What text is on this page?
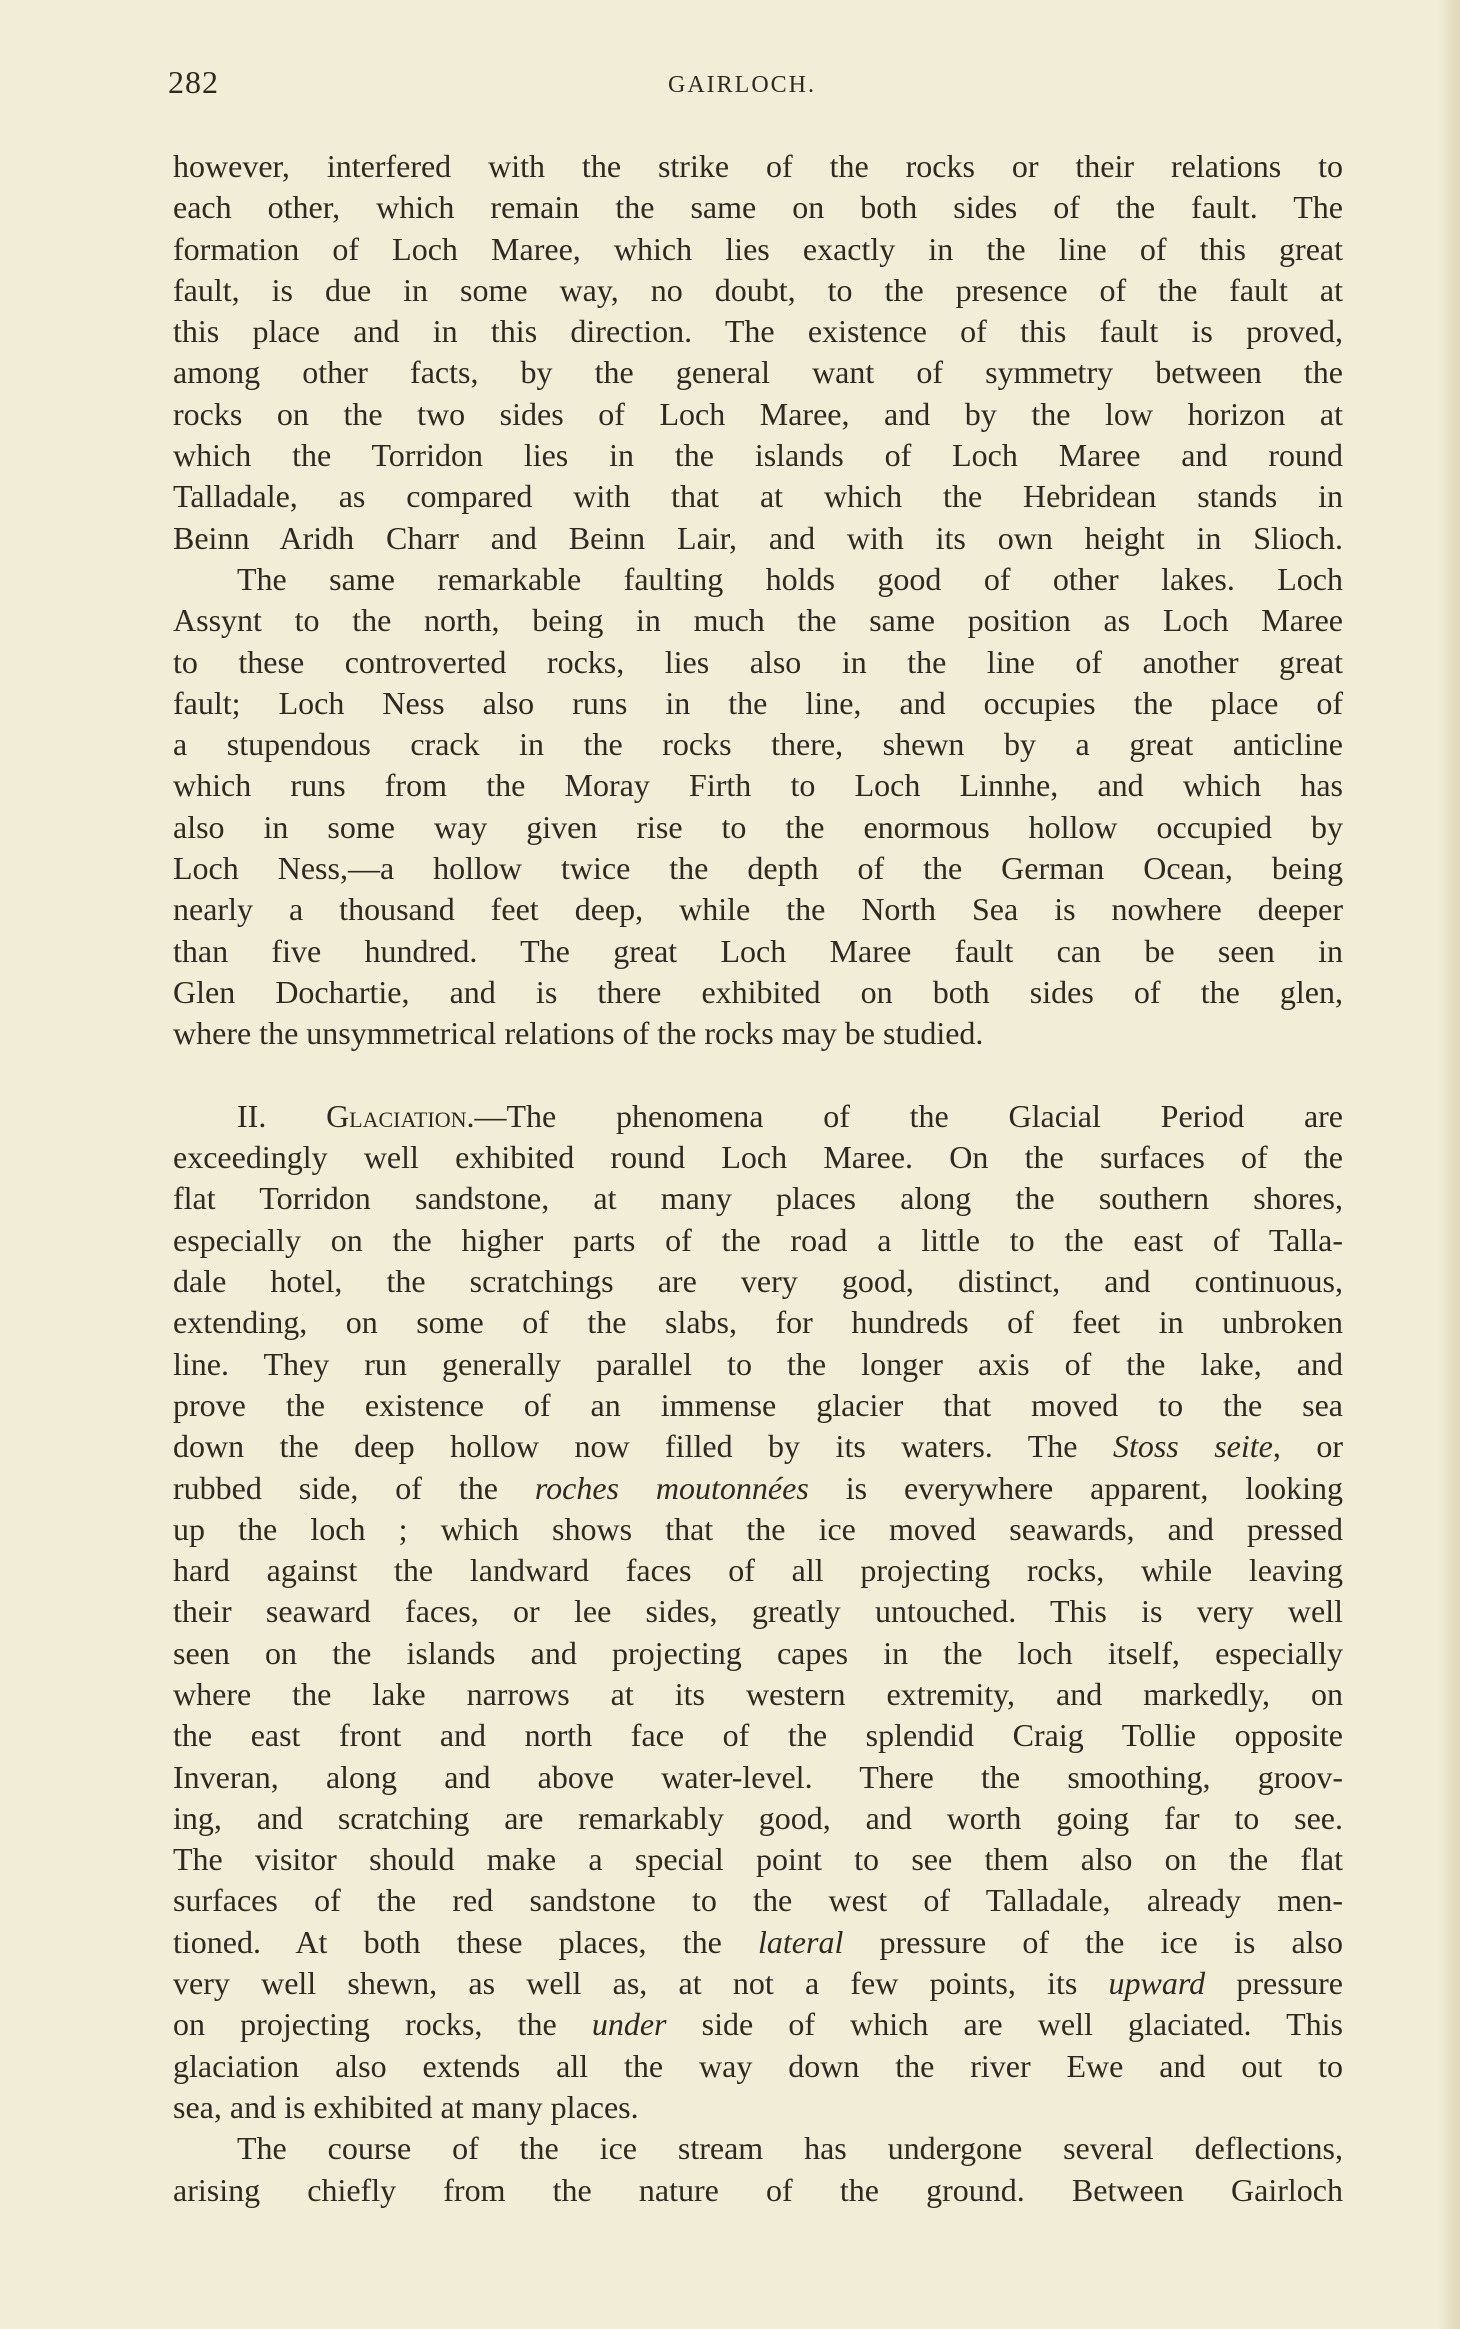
282	GAIRLOCH.
however, interfered with the strike of the rocks or their relations to
each other, which remain the same on both sides of the fault. The
formation of Loch Maree, which lies exactly in the line of this great
fault, is due in some way, no doubt, to the presence of the fault at
this place and in this direction. The existence of this fault is proved,
among other facts, by the general want of symmetry between the
rocks on the two sides of Loch Maree, and by the low horizon at
which the Torridon lies in the islands of Loch Maree and round
Talladale, as compared with that at which the Hebridean stands in
Beinn Aridh Charr and Beinn Lair, and with its own height in Slioch.
The same remarkable faulting holds good of other lakes. Loch
Assynt to the north, being in much the same position as Loch Maree
to these controverted rocks, lies also in the line of another great
fault; Loch Ness also runs in the line, and occupies the place of
a stupendous crack in the rocks there, shewn by a great anticline
which runs from the Moray Firth to Loch Linnhe, and which has
also in some way given rise to the enormous hollow occupied by
Loch Ness,—a hollow twice the depth of the German Ocean, being
nearly a thousand feet deep, while the North Sea is nowhere deeper
than five hundred. The great Loch Maree fault can be seen in
Glen Dochartie, and is there exhibited on both sides of the glen,
where the unsymmetrical relations of the rocks may be studied.
II. Glaciation.—The phenomena of the Glacial Period are
exceedingly well exhibited round Loch Maree. On the surfaces of the
flat Torridon sandstone, at many places along the southern shores,
especially on the higher parts of the road a little to the east of Talla-
dale hotel, the scratchings are very good, distinct, and continuous,
extending, on some of the slabs, for hundreds of feet in unbroken
line. They run generally parallel to the longer axis of the lake, and
prove the existence of an immense glacier that moved to the sea
down the deep hollow now filled by its waters. The Stoss seite, or
rubbed side, of the roches moutonnées is everywhere apparent, looking
up the loch ; which shows that the ice moved seawards, and pressed
hard against the landward faces of all projecting rocks, while leaving
their seaward faces, or lee sides, greatly untouched. This is very well
seen on the islands and projecting capes in the loch itself, especially
where the lake narrows at its western extremity, and markedly, on
the east front and north face of the splendid Craig Tollie opposite
Inveran, along and above water-level. There the smoothing, groov-
ing, and scratching are remarkably good, and worth going far to see.
The visitor should make a special point to see them also on the flat
surfaces of the red sandstone to the west of Talladale, already men-
tioned. At both these places, the lateral pressure of the ice is also
very well shewn, as well as, at not a few points, its upward pressure
on projecting rocks, the under side of which are well glaciated. This
glaciation also extends all the way down the river Ewe and out to
sea, and is exhibited at many places.
The course of the ice stream has undergone several deflections,
arising chiefly from the nature of the ground. Between Gairloch
